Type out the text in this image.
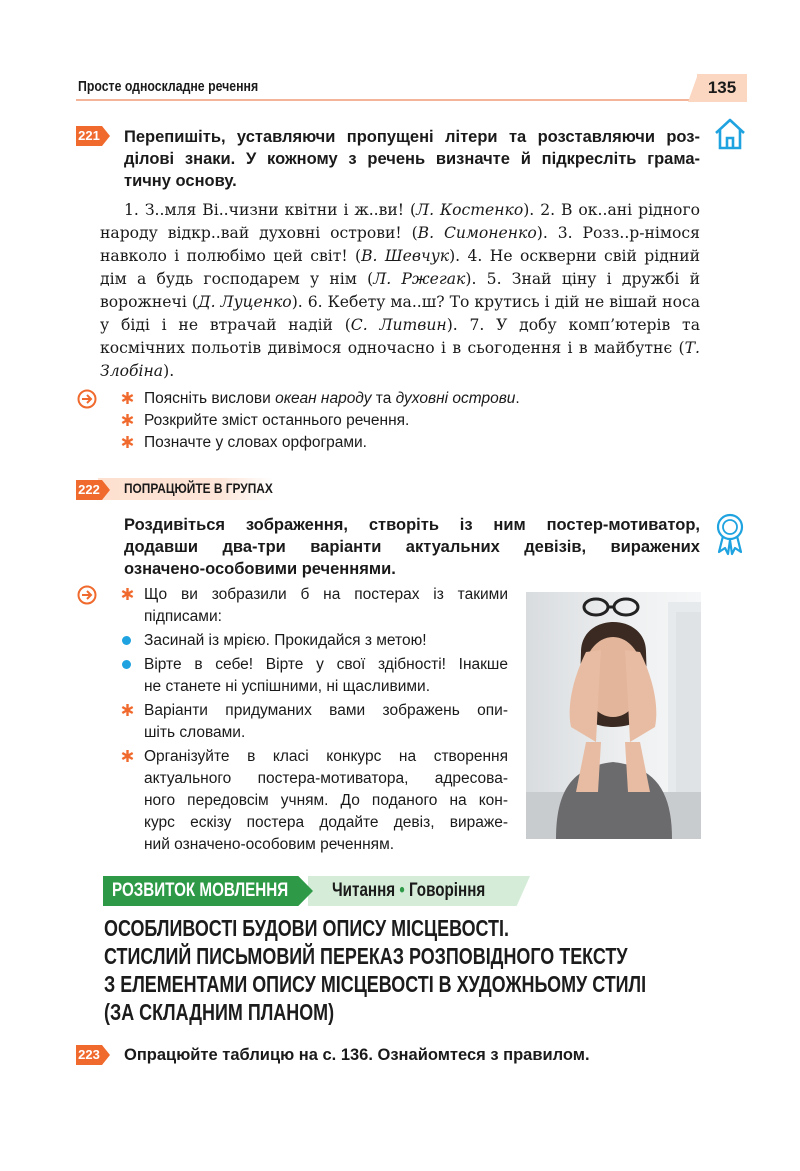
Просте односкладне речення	135
221 Перепишіть, уставляючи пропущені літери та розставляючи роз-
ділові знаки. У кожному з речень визначте й підкресліть грама-
тичну основу.
1. З..мля Ві..чизни квітни і ж..ви! (Л. Костенко). 2. В ок..ані рідного народу відкр..вай духовні острови! (В. Симоненко). 3. Розз..р-німося навколо і полюбімо цей світ! (В. Шевчук). 4. Не оскверни свій рідний дім а будь господарем у нім (Л. Ржегак). 5. Знай ціну і дружбі й ворожнечі (Д. Луценко). 6. Кебету ма..ш? То крутись і дій не вішай носа у біді і не втрачай надій (С. Литвин). 7. У добу комп’ютерів та космічних польотів дивімося одночасно і в сьогодення і в майбутнє (Т. Злобіна).
Поясніть вислови океан народу та духовні острови.
Розкрийте зміст останнього речення.
Позначте у словах орфограми.
222 ПОПРАЦЮЙТЕ В ГРУПАХ
Роздивіться зображення, створіть із ним постер-мотиватор,
додавши два-три варіанти актуальних девізів, виражених
означено-особовими реченнями.
Що ви зобразили б на постерах із такими
підписами:
Засинай із мрією. Прокидайся з метою!
Вірте в себе! Вірте у свої здібності! Інакше
не станете ні успішними, ні щасливими.
Варіанти придуманих вами зображень опи-
шіть словами.
Організуйте в класі конкурс на створення
актуального постера-мотиватора, адресова-
ного передовсім учням. До поданого на кон-
курс ескізу постера додайте девіз, вираже-
ний означено-особовим реченням.
РОЗВИТОК МОВЛЕННЯ Читання • Говоріння
ОСОБЛИВОСТІ БУДОВИ ОПИСУ МІСЦЕВОСТІ.
СТИСЛИЙ ПИСЬМОВИЙ ПЕРЕКАЗ РОЗПОВІДНОГО ТЕКСТУ
З ЕЛЕМЕНТАМИ ОПИСУ МІСЦЕВОСТІ В ХУДОЖНЬОМУ СТИЛІ
(ЗА СКЛАДНИМ ПЛАНОМ)
223 Опрацюйте таблицю на с. 136. Ознайомтеся з правилом.
